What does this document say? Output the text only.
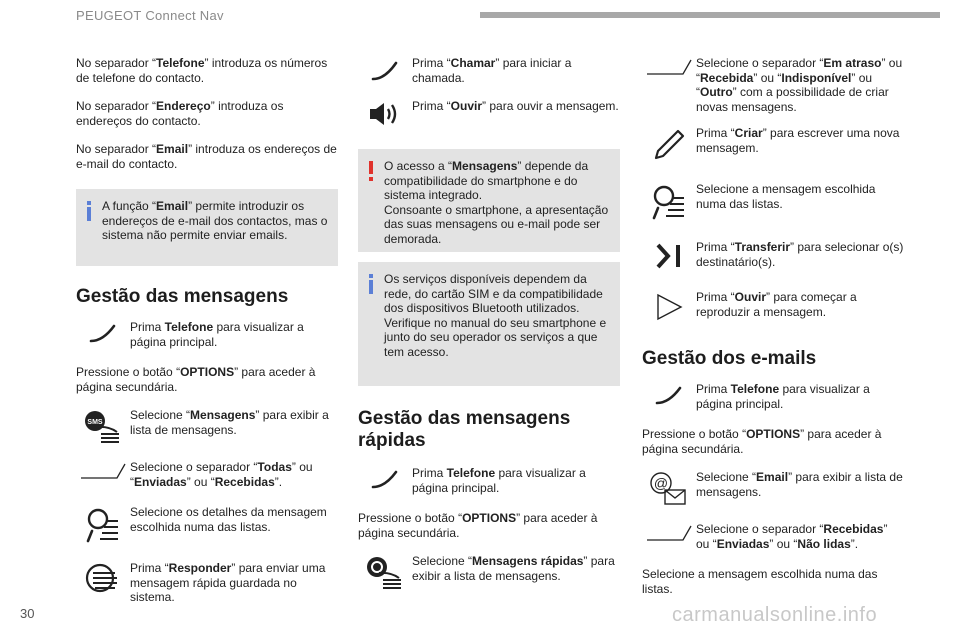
PEUGEOT Connect Nav

No separador “Telefone” introduza os números de telefone do contacto.

No separador “Endereço” introduza os endereços do contacto.

No separador “Email” introduza os endereços de e-mail do contacto.

A função “Email” permite introduzir os endereços de e-mail dos contactos, mas o sistema não permite enviar emails.
Gestão das mensagens
Prima Telefone para visualizar a página principal.

Pressione o botão “OPTIONS” para aceder à página secundária.

SMS
Selecione “Mensagens” para exibir a lista de mensagens.
Selecione o separador “Todas” ou “Enviadas” ou “Recebidas”.
Selecione os detalhes da mensagem escolhida numa das listas.
Prima “Responder” para enviar uma mensagem rápida guardada no sistema.
Prima “Chamar” para iniciar a chamada.
Prima “Ouvir” para ouvir a mensagem.
O acesso a “Mensagens” depende da compatibilidade do smartphone e do sistema integrado.
Consoante o smartphone, a apresentação das suas mensagens ou e-mail pode ser demorada.
Os serviços disponíveis dependem da rede, do cartão SIM e da compatibilidade dos dispositivos Bluetooth utilizados. Verifique no manual do seu smartphone e junto do seu operador os serviços a que tem acesso.
Gestão das mensagens rápidas
Prima Telefone para visualizar a página principal.

Pressione o botão “OPTIONS” para aceder à página secundária.

Selecione “Mensagens rápidas” para exibir a lista de mensagens.
Selecione o separador “Em atraso” ou “Recebida” ou “Indisponível” ou “Outro” com a possibilidade de criar novas mensagens.
Prima “Criar” para escrever uma nova mensagem.
Selecione a mensagem escolhida numa das listas.
Prima “Transferir” para selecionar o(s) destinatário(s).
Prima “Ouvir” para começar a reproduzir a mensagem.
Gestão dos e-mails
Prima Telefone para visualizar a página principal.

Pressione o botão “OPTIONS” para aceder à página secundária.

@ Selecione “Email” para exibir a lista de mensagens.
Selecione o separador “Recebidas” ou “Enviadas” ou “Não lidas”.

Selecione a mensagem escolhida numa das listas.

30	carmanualsonline.info
